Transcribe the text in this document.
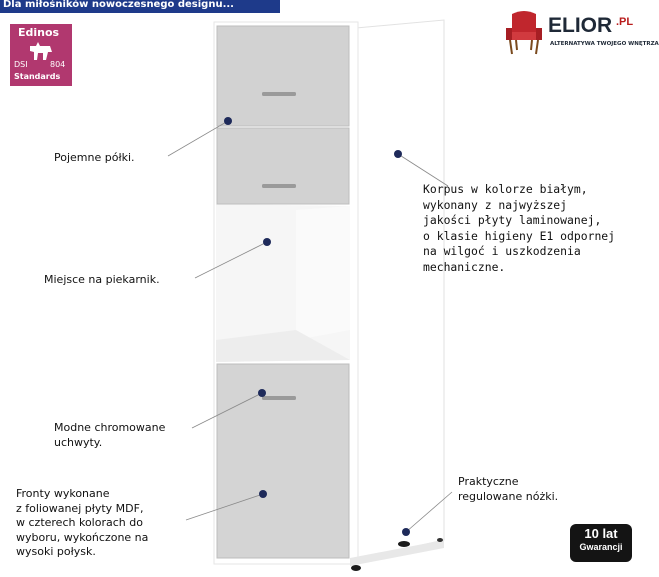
Dla miłośników nowoczesnego designu...
Edinos
DSI	804
Standards
ELIOR .PL
ALTERNATYWA TWOJEGO WNĘTRZA
Pojemne półki.
Miejsce na piekarnik.
Modne chromowane
uchwyty.
Fronty wykonane
z foliowanej płyty MDF,
w czterech kolorach do
wyboru, wykończone na
wysoki połysk.
Korpus w kolorze białym,
wykonany z najwyższej
jakości płyty laminowanej,
o klasie higieny E1 odpornej
na wilgoć i uszkodzenia
mechaniczne.
Praktyczne
regulowane nóżki.
10 lat
Gwarancji
